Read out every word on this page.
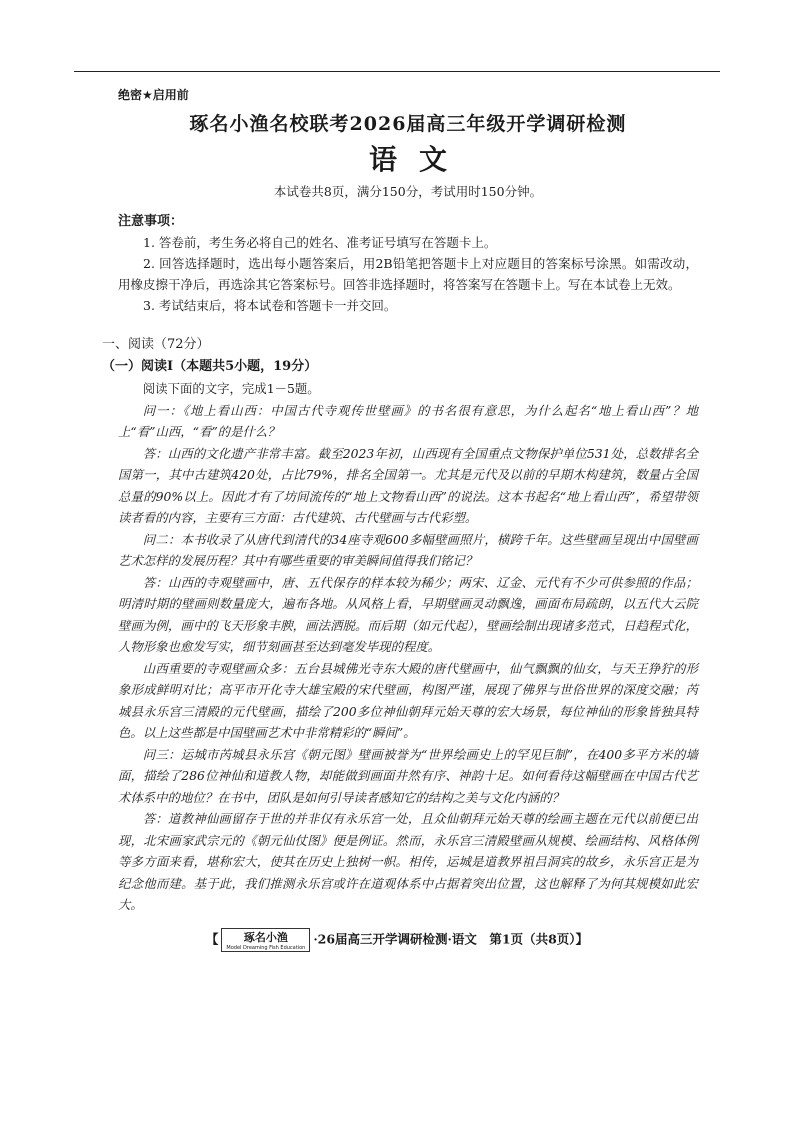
绝密★启用前

琢名小渔名校联考2026届高三年级开学调研检测

语文

本试卷共8页，满分150分，考试用时150分钟。

注意事项：

1. 答卷前，考生务必将自己的姓名、准考证号填写在答题卡上。

2. 回答选择题时，选出每小题答案后，用2B铅笔把答题卡上对应题目的答案标号涂黑。如需改动，用橡皮擦干净后，再选涂其它答案标号。回答非选择题时，将答案写在答题卡上。写在本试卷上无效。

3. 考试结束后，将本试卷和答题卡一并交回。

一、阅读（72分）

（一）阅读Ⅰ（本题共5小题，19分）

阅读下面的文字，完成1－5题。

问一：《地上看山西：中国古代寺观传世壁画》的书名很有意思，为什么起名“地上看山西”？地上“看”山西，“看”的是什么？

答：山西的文化遗产非常丰富。截至2023年初，山西现有全国重点文物保护单位531处，总数排名全国第一，其中古建筑420处，占比79%，排名全国第一。尤其是元代及以前的早期木构建筑，数量占全国总量的90%以上。因此才有了坊间流传的“地上文物看山西”的说法。这本书起名“地上看山西”，希望带领读者看的内容，主要有三方面：古代建筑、古代壁画与古代彩塑。

问二：本书收录了从唐代到清代的34座寺观600多幅壁画照片，横跨千年。这些壁画呈现出中国壁画艺术怎样的发展历程？其中有哪些重要的审美瞬间值得我们铭记？

答：山西的寺观壁画中，唐、五代保存的样本较为稀少；两宋、辽金、元代有不少可供参照的作品；明清时期的壁画则数量庞大，遍布各地。从风格上看，早期壁画灵动飘逸，画面布局疏朗，以五代大云院壁画为例，画中的飞天形象丰腴，画法洒脱。而后期（如元代起），壁画绘制出现诸多范式，日趋程式化，人物形象也愈发写实，细节刻画甚至达到毫发毕现的程度。

山西重要的寺观壁画众多：五台县城佛光寺东大殿的唐代壁画中，仙气飘飘的仙女，与天王狰狞的形象形成鲜明对比；高平市开化寺大雄宝殿的宋代壁画，构图严谨，展现了佛界与世俗世界的深度交融；芮城县永乐宫三清殿的元代壁画，描绘了200多位神仙朝拜元始天尊的宏大场景，每位神仙的形象皆独具特色。以上这些都是中国壁画艺术中非常精彩的“瞬间”。

问三：运城市芮城县永乐宫《朝元图》壁画被誉为“世界绘画史上的罕见巨制”，在400多平方米的墙面，描绘了286位神仙和道教人物，却能做到画面井然有序、神韵十足。如何看待这幅壁画在中国古代艺术体系中的地位？在书中，团队是如何引导读者感知它的结构之美与文化内涵的？

答：道教神仙画留存于世的并非仅有永乐宫一处，且众仙朝拜元始天尊的绘画主题在元代以前便已出现，北宋画家武宗元的《朝元仙仗图》便是例证。然而，永乐宫三清殿壁画从规模、绘画结构、风格体例等多方面来看，堪称宏大，使其在历史上独树一帜。相传，运城是道教界祖吕洞宾的故乡，永乐宫正是为纪念他而建。基于此，我们推测永乐宫或许在道观体系中占据着突出位置，这也解释了为何其规模如此宏大。

【 琢名小渔
Model Dreaming Fish Education
·26届高三开学调研检测·语文　第1页（共8页）】
